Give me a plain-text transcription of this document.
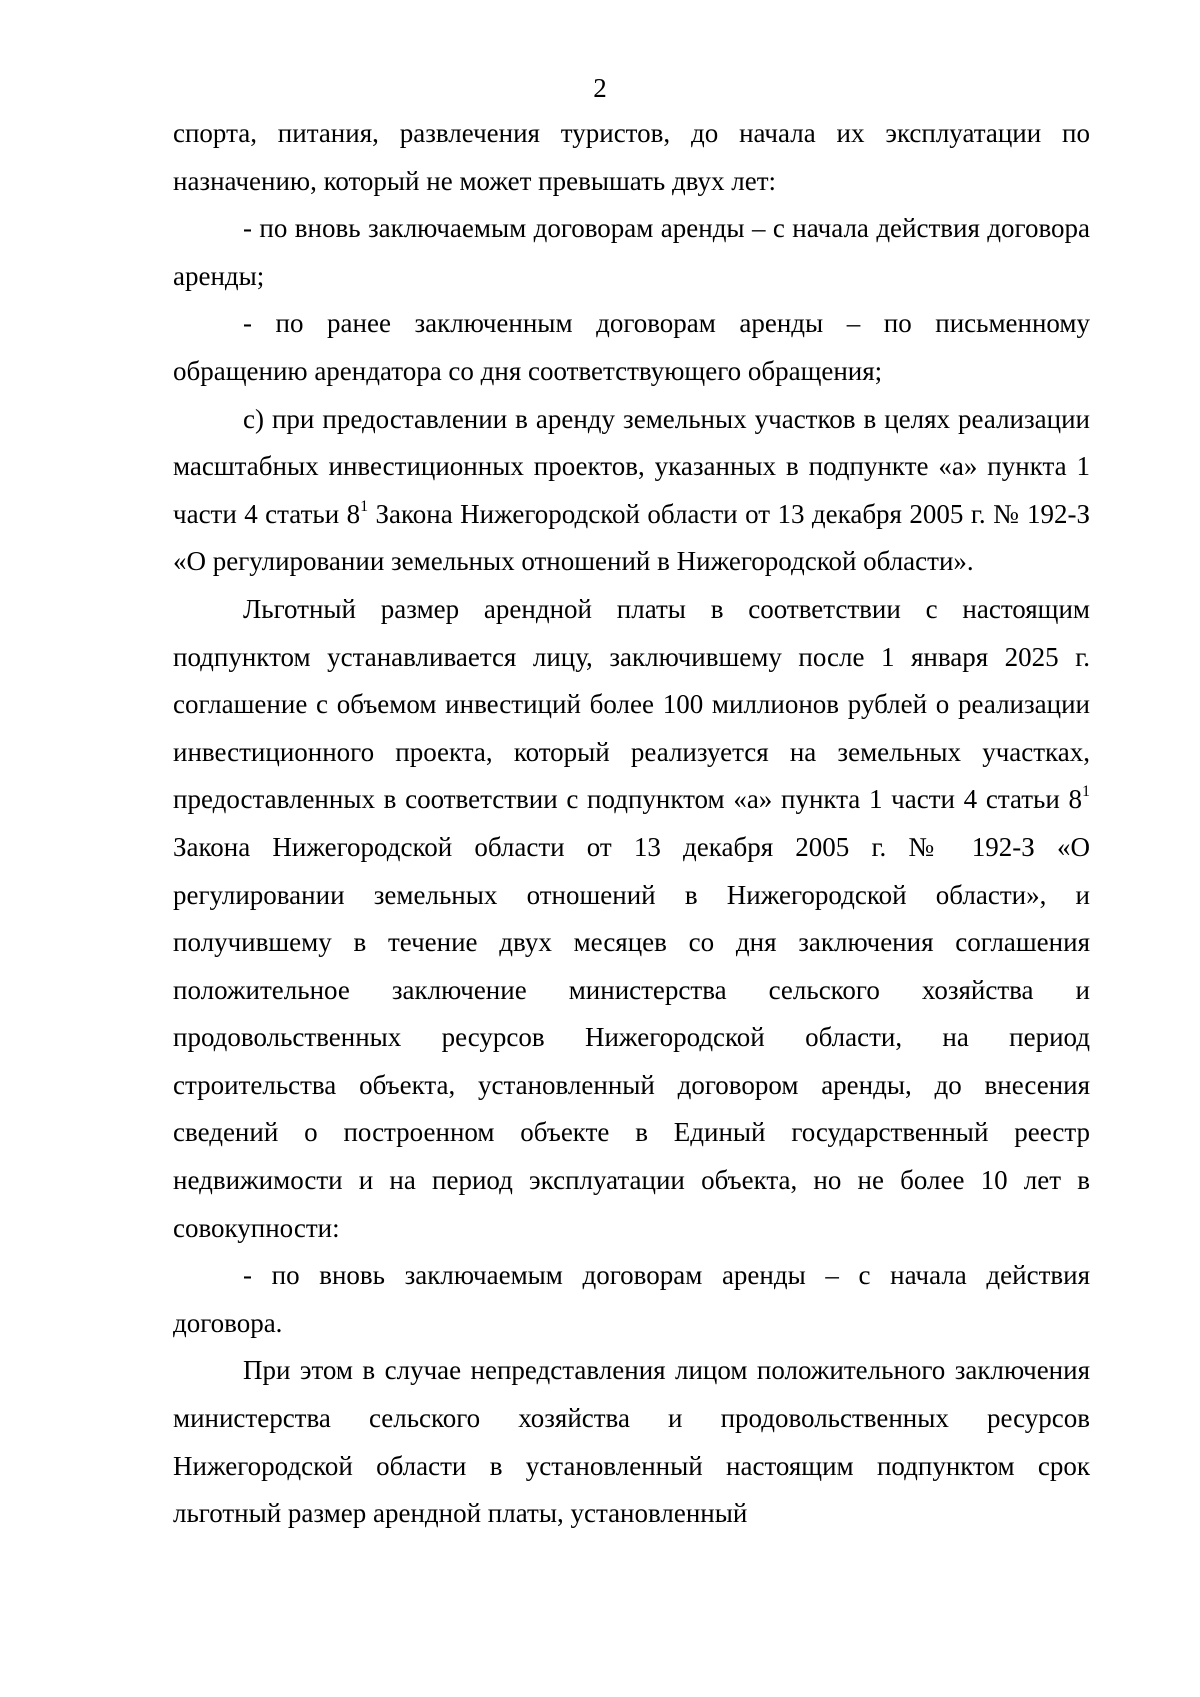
2

спорта, питания, развлечения туристов, до начала их эксплуатации по назначению, который не может превышать двух лет:

- по вновь заключаемым договорам аренды – с начала действия договора аренды;

- по ранее заключенным договорам аренды – по письменному обращению арендатора со дня соответствующего обращения;

с) при предоставлении в аренду земельных участков в целях реализации масштабных инвестиционных проектов, указанных в подпункте «а» пункта 1 части 4 статьи $8^1$ Закона Нижегородской области от 13 декабря 2005 г. № 192-З «О регулировании земельных отношений в Нижегородской области».

Льготный размер арендной платы в соответствии с настоящим подпунктом устанавливается лицу, заключившему после 1 января 2025 г. соглашение с объемом инвестиций более 100 миллионов рублей о реализации инвестиционного проекта, который реализуется на земельных участках, предоставленных в соответствии с подпунктом «а» пункта 1 части 4 статьи $8^1$ Закона Нижегородской области от 13 декабря 2005 г. № 192-З «О регулировании земельных отношений в Нижегородской области», и получившему в течение двух месяцев со дня заключения соглашения положительное заключение министерства сельского хозяйства и продовольственных ресурсов Нижегородской области, на период строительства объекта, установленный договором аренды, до внесения сведений о построенном объекте в Единый государственный реестр недвижимости и на период эксплуатации объекта, но не более 10 лет в совокупности:

- по вновь заключаемым договорам аренды – с начала действия договора.

При этом в случае непредставления лицом положительного заключения министерства сельского хозяйства и продовольственных ресурсов Нижегородской области в установленный настоящим подпунктом срок льготный размер арендной платы, установленный
